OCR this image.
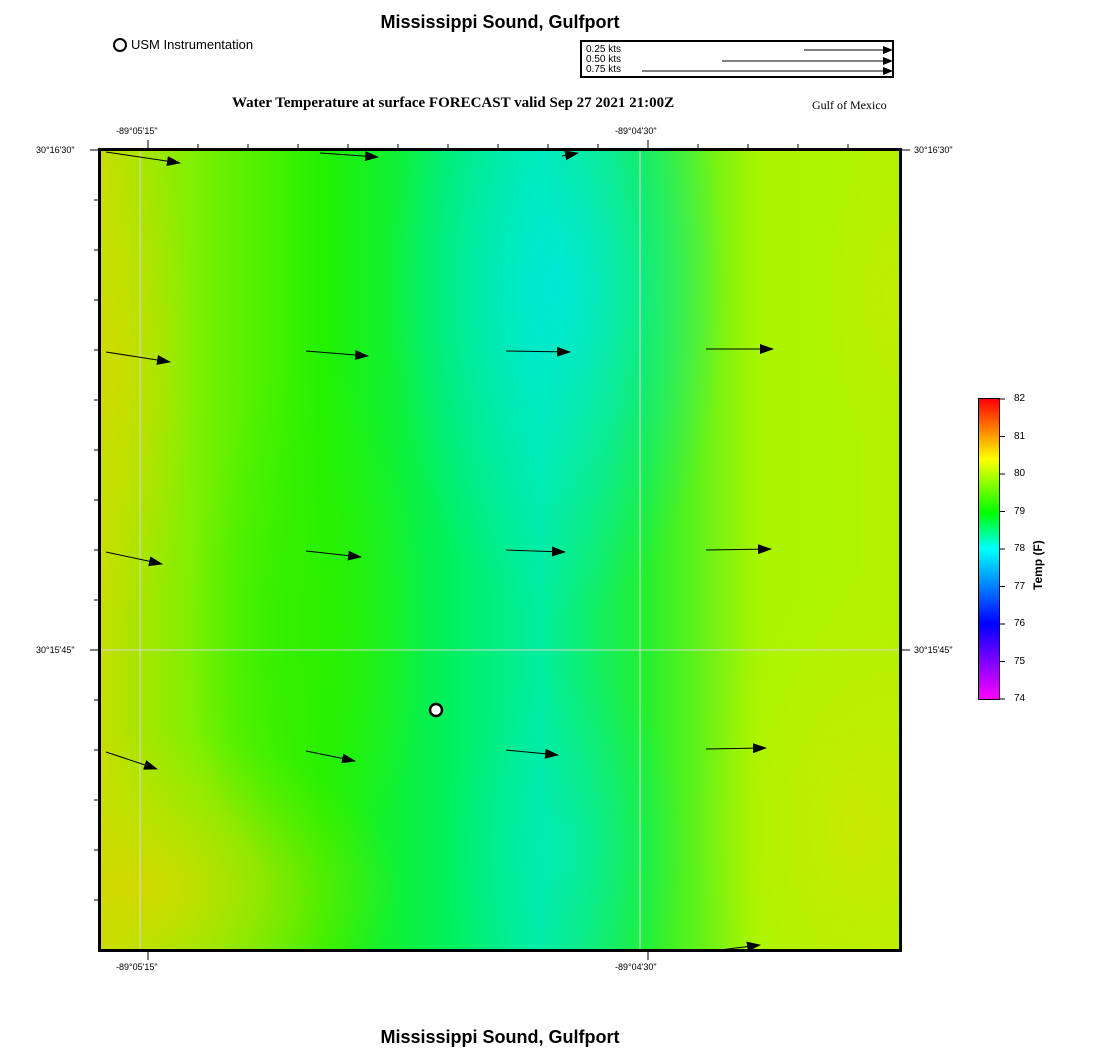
Mississippi Sound, Gulfport
USM Instrumentation	0.25 kts
0.50 kts
0.75 kts
Water Temperature at surface FORECAST valid Sep 27 2021 21:00Z	Gulf of Mexico
-89°05'15"	-89°04'30"
-89°05'15"	-89°04'30"
30°16'30"
30°15'45"
30°16'30"
30°15'45"
82
81
80
79
78
77
76
75
74
Temp (F)
Mississippi Sound, Gulfport
